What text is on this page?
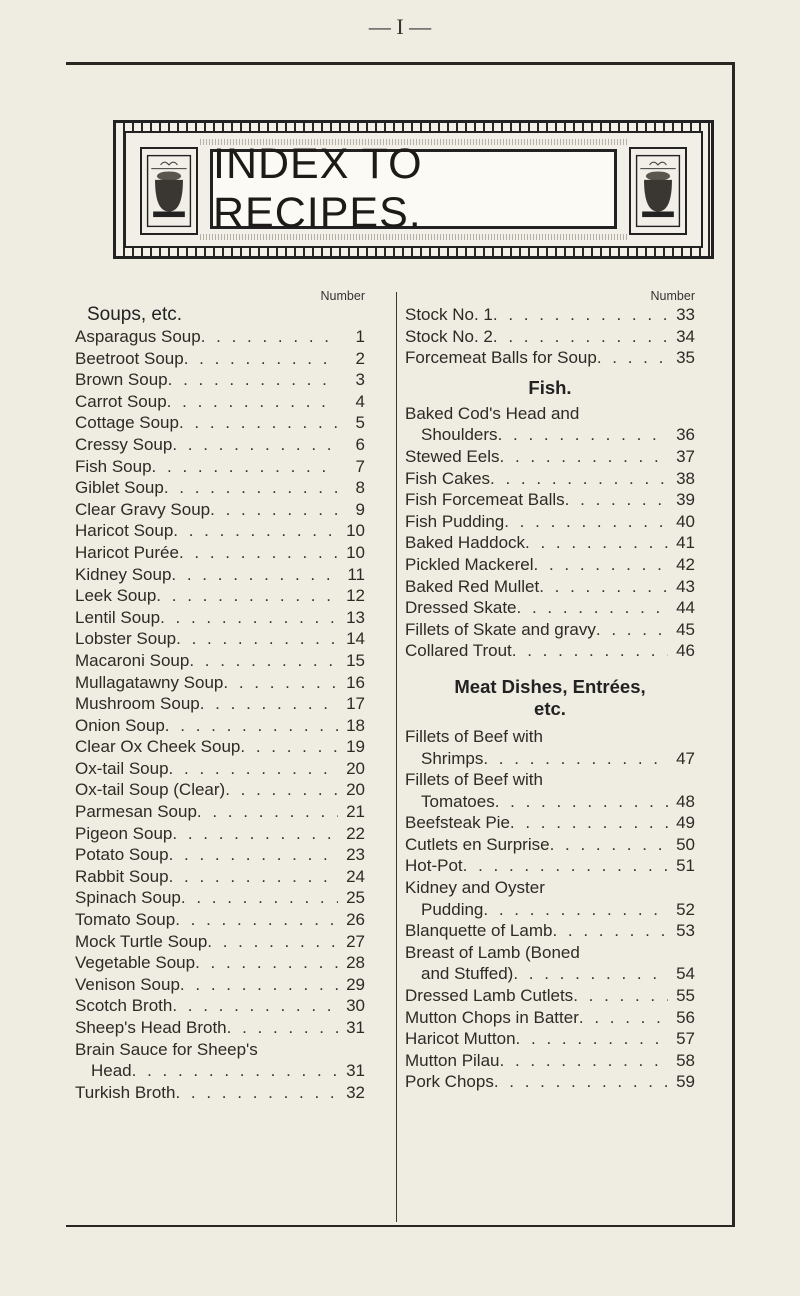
— I —
INDEX TO RECIPES.
Number
Soups, etc.
Asparagus Soup . . .	1
Beetroot Soup . . .	2
Brown Soup . . .	3
Carrot Soup . . .	4
Cottage Soup . . .	5
Cressy Soup . . .	6
Fish Soup . . .	7
Giblet Soup . . .	8
Clear Gravy Soup . . .	9
Haricot Soup . . .	10
Haricot Purée . . .	10
Kidney Soup . . .	11
Leek Soup . . .	12
Lentil Soup . . .	13
Lobster Soup . . .	14
Macaroni Soup . . .	15
Mullagatawny Soup . . .	16
Mushroom Soup . . .	17
Onion Soup . . .	18
Clear Ox Cheek Soup . . .	19
Ox-tail Soup . . .	20
Ox-tail Soup (Clear) . . .	20
Parmesan Soup . . .	21
Pigeon Soup . . .	22
Potato Soup . . .	23
Rabbit Soup . . .	24
Spinach Soup . . .	25
Tomato Soup . . .	26
Mock Turtle Soup . . .	27
Vegetable Soup . . .	28
Venison Soup . . .	29
Scotch Broth . . .	30
Sheep's Head Broth . . .	31
Brain Sauce for Sheep's
Head . . .	31
Turkish Broth . . .	32
Number
Stock No. 1 . . .	33
Stock No. 2 . . .	34
Forcemeat Balls for Soup . . .	35
Fish.
Baked Cod's Head and
Shoulders . . .	36
Stewed Eels . . .	37
Fish Cakes . . .	38
Fish Forcemeat Balls . . .	39
Fish Pudding . . .	40
Baked Haddock . . .	41
Pickled Mackerel . . .	42
Baked Red Mullet . . .	43
Dressed Skate . . .	44
Fillets of Skate and gravy . . .	45
Collared Trout . . .	46
Meat Dishes, Entrées,
etc.
Fillets of Beef with
Shrimps . . .	47
Fillets of Beef with
Tomatoes . . .	48
Beefsteak Pie . . .	49
Cutlets en Surprise . . .	50
Hot-Pot . . .	51
Kidney and Oyster
Pudding . . .	52
Blanquette of Lamb . . .	53
Breast of Lamb (Boned
and Stuffed) . . .	54
Dressed Lamb Cutlets . . .	55
Mutton Chops in Batter . . .	56
Haricot Mutton . . .	57
Mutton Pilau . . .	58
Pork Chops . . .	59
